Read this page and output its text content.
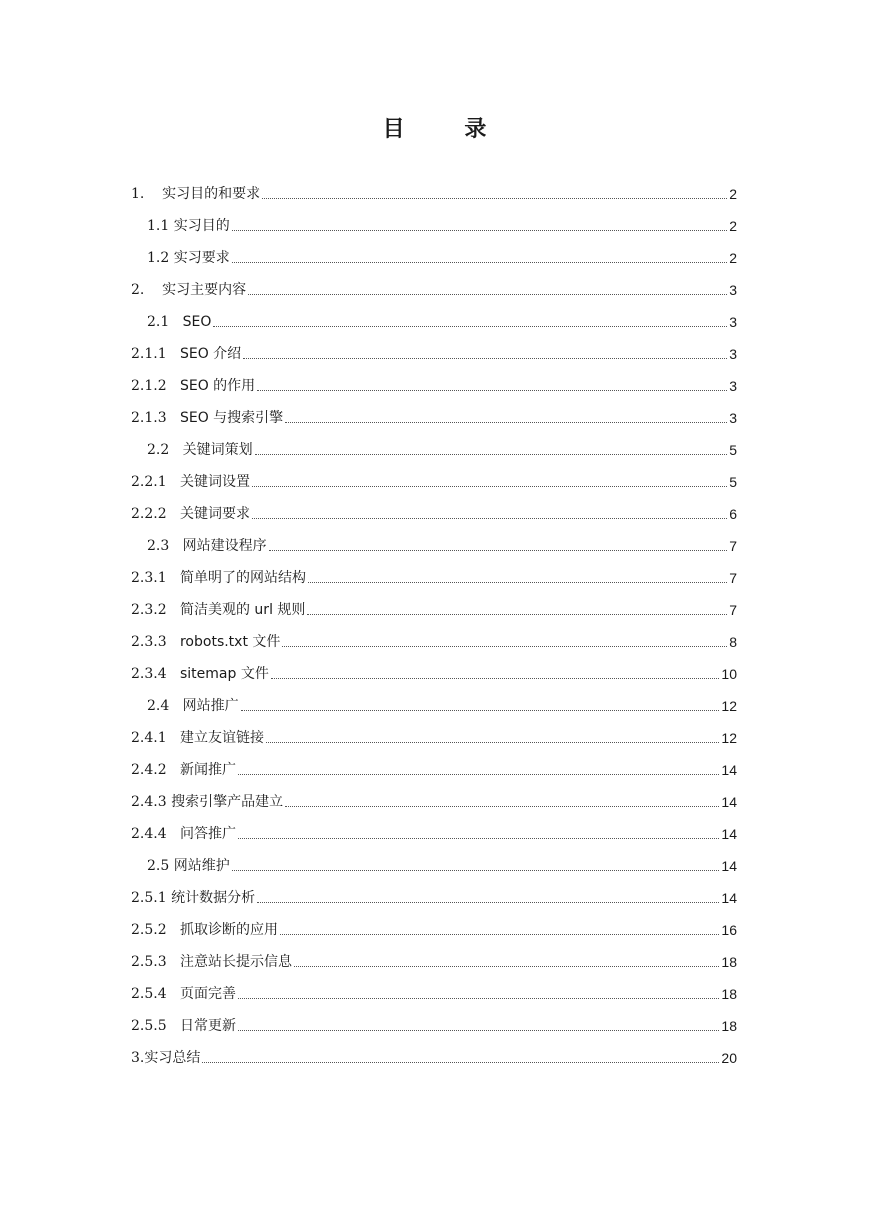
目 录
1. 实习目的和要求	2
1.1 实习目的	2
1.2 实习要求	2
2. 实习主要内容	3
2.1 SEO	3
2.1.1 SEO 介绍	3
2.1.2 SEO 的作用	3
2.1.3 SEO 与搜索引擎	3
2.2 关键词策划	5
2.2.1 关键词设置	5
2.2.2 关键词要求	6
2.3 网站建设程序	7
2.3.1 简单明了的网站结构	7
2.3.2 简洁美观的 url 规则	7
2.3.3 robots.txt 文件	8
2.3.4 sitemap 文件	10
2.4 网站推广	12
2.4.1 建立友谊链接	12
2.4.2 新闻推广	14
2.4.3 搜索引擎产品建立	14
2.4.4 问答推广	14
2.5 网站维护	14
2.5.1 统计数据分析	14
2.5.2 抓取诊断的应用	16
2.5.3 注意站长提示信息	18
2.5.4 页面完善	18
2.5.5 日常更新	18
3. 实习总结	20
